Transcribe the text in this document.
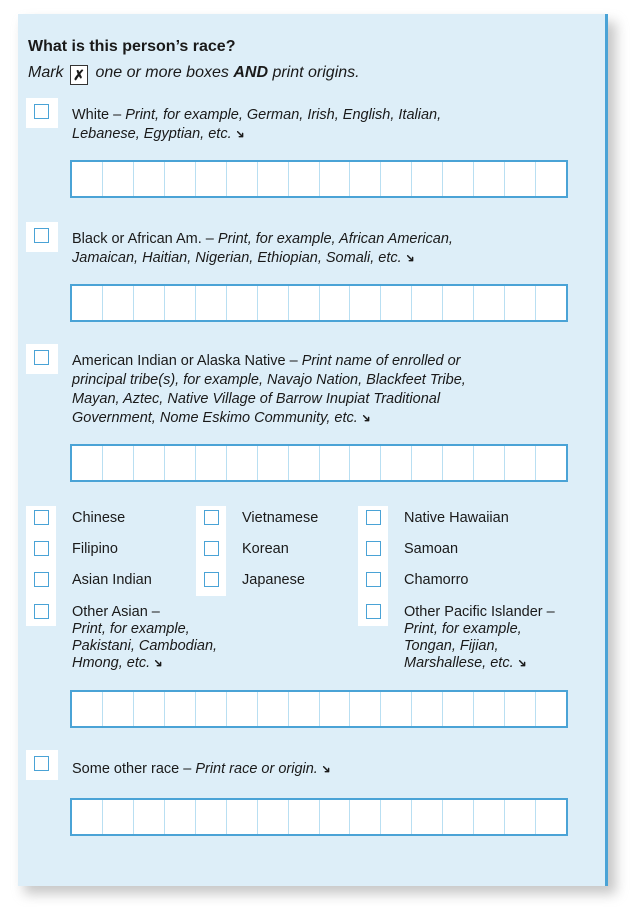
What is this person’s race?
Mark ✗ one or more boxes AND print origins.
White – Print, for example, German, Irish, English, Italian,
Lebanese, Egyptian, etc.➜
Black or African Am. – Print, for example, African American,
Jamaican, Haitian, Nigerian, Ethiopian, Somali, etc.➜
American Indian or Alaska Native – Print name of enrolled or
principal tribe(s), for example, Navajo Nation, Blackfeet Tribe,
Mayan, Aztec, Native Village of Barrow Inupiat Traditional
Government, Nome Eskimo Community, etc.➜
Chinese
Filipino
Asian Indian
Vietnamese
Korean
Japanese
Native Hawaiian
Samoan
Chamorro
Other Asian –
Print, for example,
Pakistani, Cambodian,
Hmong, etc.➜
Other Pacific Islander –
Print, for example,
Tongan, Fijian,
Marshallese, etc.➜
Some other race – Print race or origin.➜
